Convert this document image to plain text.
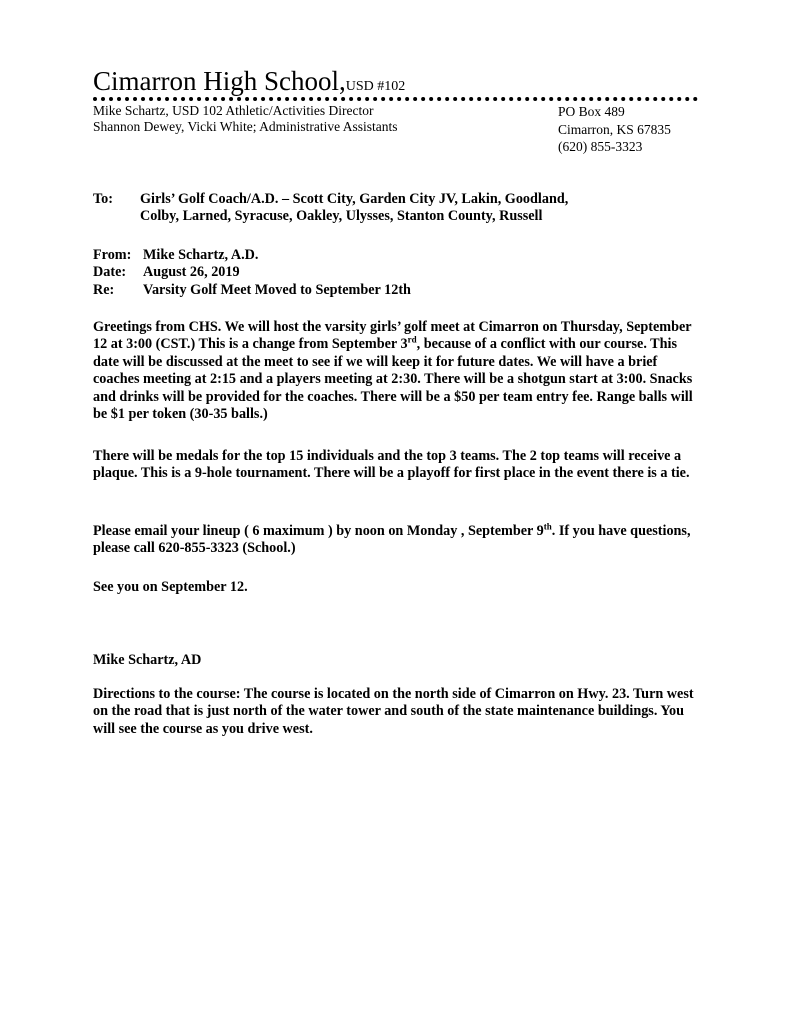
Cimarron High School,USD #102
Mike Schartz, USD 102 Athletic/Activities Director
Shannon Dewey, Vicki White; Administrative Assistants
PO Box 489
Cimarron, KS 67835
(620) 855-3323
To:	Girls’ Golf Coach/A.D. – Scott City, Garden City JV, Lakin, Goodland,
Colby, Larned, Syracuse, Oakley, Ulysses, Stanton County, Russell
From: Mike Schartz, A.D.
Date:	August 26, 2019
Re:	Varsity Golf Meet Moved to September 12th
Greetings from CHS. We will host the varsity girls’ golf meet at Cimarron on Thursday, September 12 at 3:00 (CST.) This is a change from September 3rd, because of a conflict with our course. This date will be discussed at the meet to see if we will keep it for future dates. We will have a brief coaches meeting at 2:15 and a players meeting at 2:30. There will be a shotgun start at 3:00. Snacks and drinks will be provided for the coaches. There will be a $50 per team entry fee. Range balls will be $1 per token (30-35 balls.)
There will be medals for the top 15 individuals and the top 3 teams. The 2 top teams will receive a plaque. This is a 9-hole tournament. There will be a playoff for first place in the event there is a tie.
Please email your lineup ( 6 maximum ) by noon on Monday , September 9th. If you have questions, please call 620-855-3323 (School.)
See you on September 12.
Mike Schartz, AD
Directions to the course: The course is located on the north side of Cimarron on Hwy. 23. Turn west on the road that is just north of the water tower and south of the state maintenance buildings. You will see the course as you drive west.
